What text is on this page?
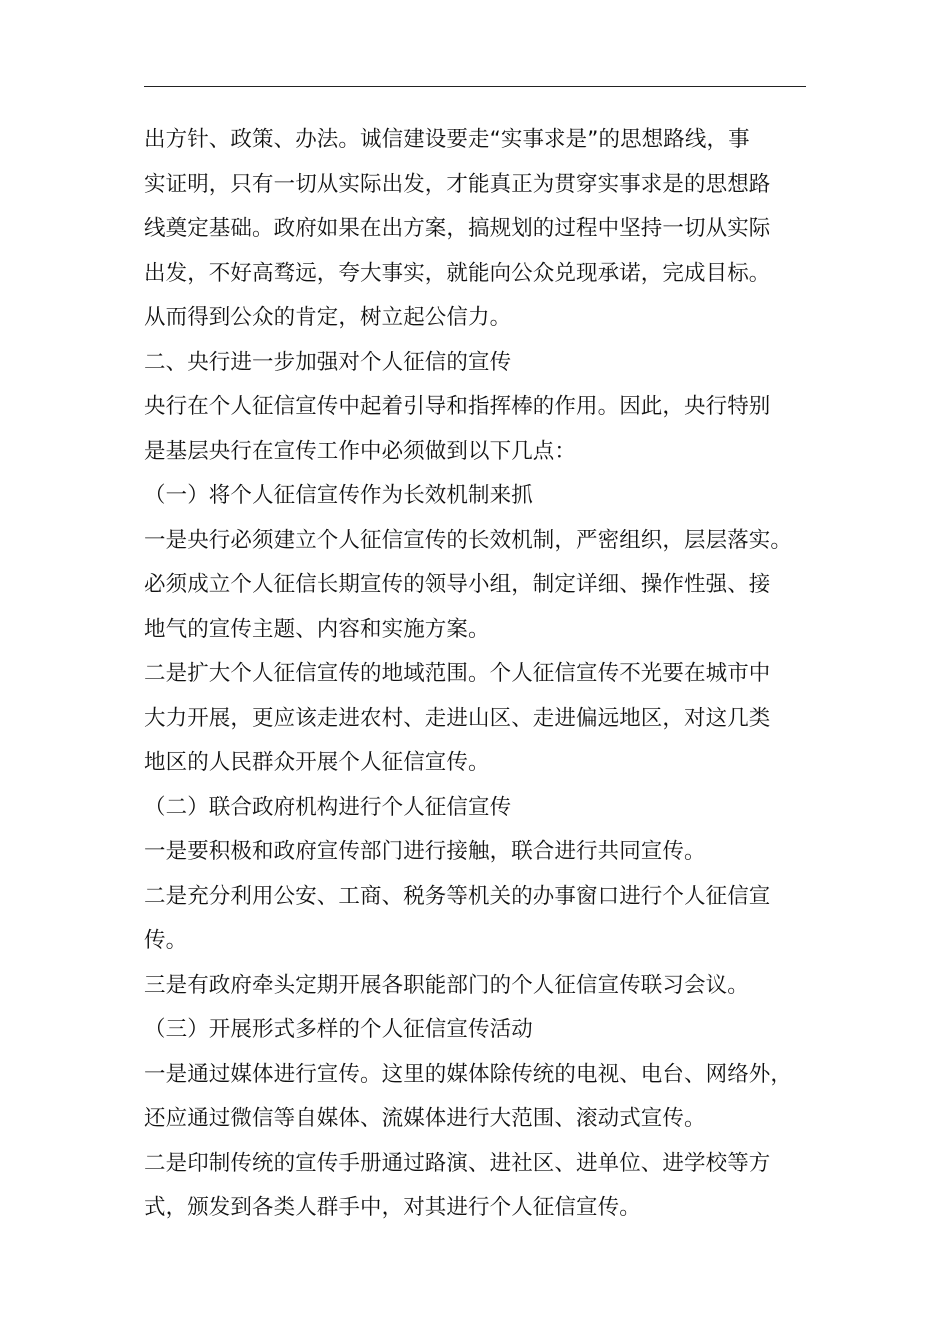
出方针、政策、办法。诚信建设要走“实事求是”的思想路线，事
实证明，只有一切从实际出发，才能真正为贯穿实事求是的思想路
线奠定基础。政府如果在出方案，搞规划的过程中坚持一切从实际
出发，不好高骛远，夸大事实，就能向公众兑现承诺，完成目标。
从而得到公众的肯定，树立起公信力。
二、央行进一步加强对个人征信的宣传
央行在个人征信宣传中起着引导和指挥棒的作用。因此，央行特别
是基层央行在宣传工作中必须做到以下几点：
（一）将个人征信宣传作为长效机制来抓
一是央行必须建立个人征信宣传的长效机制，严密组织，层层落实。
必须成立个人征信长期宣传的领导小组，制定详细、操作性强、接
地气的宣传主题、内容和实施方案。
二是扩大个人征信宣传的地域范围。个人征信宣传不光要在城市中
大力开展，更应该走进农村、走进山区、走进偏远地区，对这几类
地区的人民群众开展个人征信宣传。
（二）联合政府机构进行个人征信宣传
一是要积极和政府宣传部门进行接触，联合进行共同宣传。
二是充分利用公安、工商、税务等机关的办事窗口进行个人征信宣
传。
三是有政府牵头定期开展各职能部门的个人征信宣传联习会议。
（三）开展形式多样的个人征信宣传活动
一是通过媒体进行宣传。这里的媒体除传统的电视、电台、网络外，
还应通过微信等自媒体、流媒体进行大范围、滚动式宣传。
二是印制传统的宣传手册通过路演、进社区、进单位、进学校等方
式，颁发到各类人群手中，对其进行个人征信宣传。
